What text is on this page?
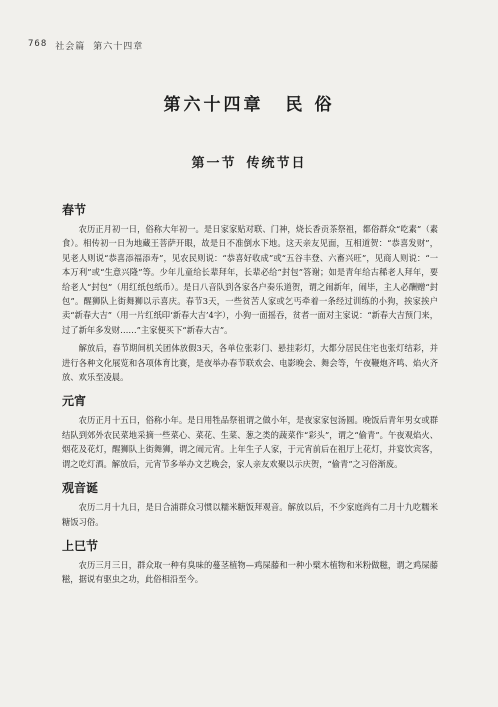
768 社会篇 第六十四章
第六十四章 民 俗
第一节 传统节日
春节

农历正月初一日，俗称大年初一。是日家家贴对联、门神，烧长香贡茶祭祖，都俗群众“吃素”（素食）。相传初一日为地藏王菩萨开眼，故是日不准倒水下地。这天亲友见面，互相道贺：“恭喜发财”，见老人则说“恭喜添福添寿”，见农民则说：“恭喜好收成”或“五谷丰登、六畜兴旺”，见商人则说：“一本万利”或“生意兴隆”等。少年儿童给长辈拜年，长辈必给“封包”答谢；如是青年给古稀老人拜年，要给老人“封包”（用红纸包纸币）。是日八音队到各家各户奏乐道贺，谓之闹新年，闹毕，主人必酬赠“封包”。醒狮队上街舞狮以示喜庆。春节3天，一些贫苦人家或乞丐牵着一条经过训练的小狗，挨家挨户卖“新春大吉”（用一片红纸印‘新春大吉’4字），小狗一面摇吞，贫者一面对主家说：“新春大吉预门来，过了新年多发财……”主家便买下“新春大吉”。

解放后，春节期间机关团体放假3天，各单位张彩门、悬挂彩灯，大都分居民住宅也张灯结彩，并进行各种文化展览和各项体育比赛，是夜举办春节联欢会、电影晚会、舞会等，午夜鞭炮齐鸣、焰火齐放、欢乐至凌晨。

元宵

农历正月十五日，俗称小年。是日用牲品祭祖谓之做小年，是夜家家包汤圆。晚饭后青年男女或群结队到郊外农民菜地采摘一些菜心、菜花、生菜、葱之类的蔬菜作“彩头”，谓之“偷青”。午夜观焰火、烟花及花灯，醒狮队上街舞狮，谓之闹元宵。上年生子人家，于元宵前后在祖厅上花灯，并宴饮宾客，谓之吃灯酒。解放后，元宵节多举办文艺晚会，家人亲友欢聚以示庆贺，“偷青”之习俗渐废。

观音诞

农历二月十九日，是日合浦群众习惯以糯米糖饭拜观音。解放以后，不少家庭尚有二月十九吃糯米糖饭习俗。

上巳节

农历三月三日，群众取一种有臭味的蔓茎植物—鸡屎藤和一种小檗木植物和米粉做糍，谓之鸡屎藤糍，据说有驱虫之功，此俗相沿至今。
